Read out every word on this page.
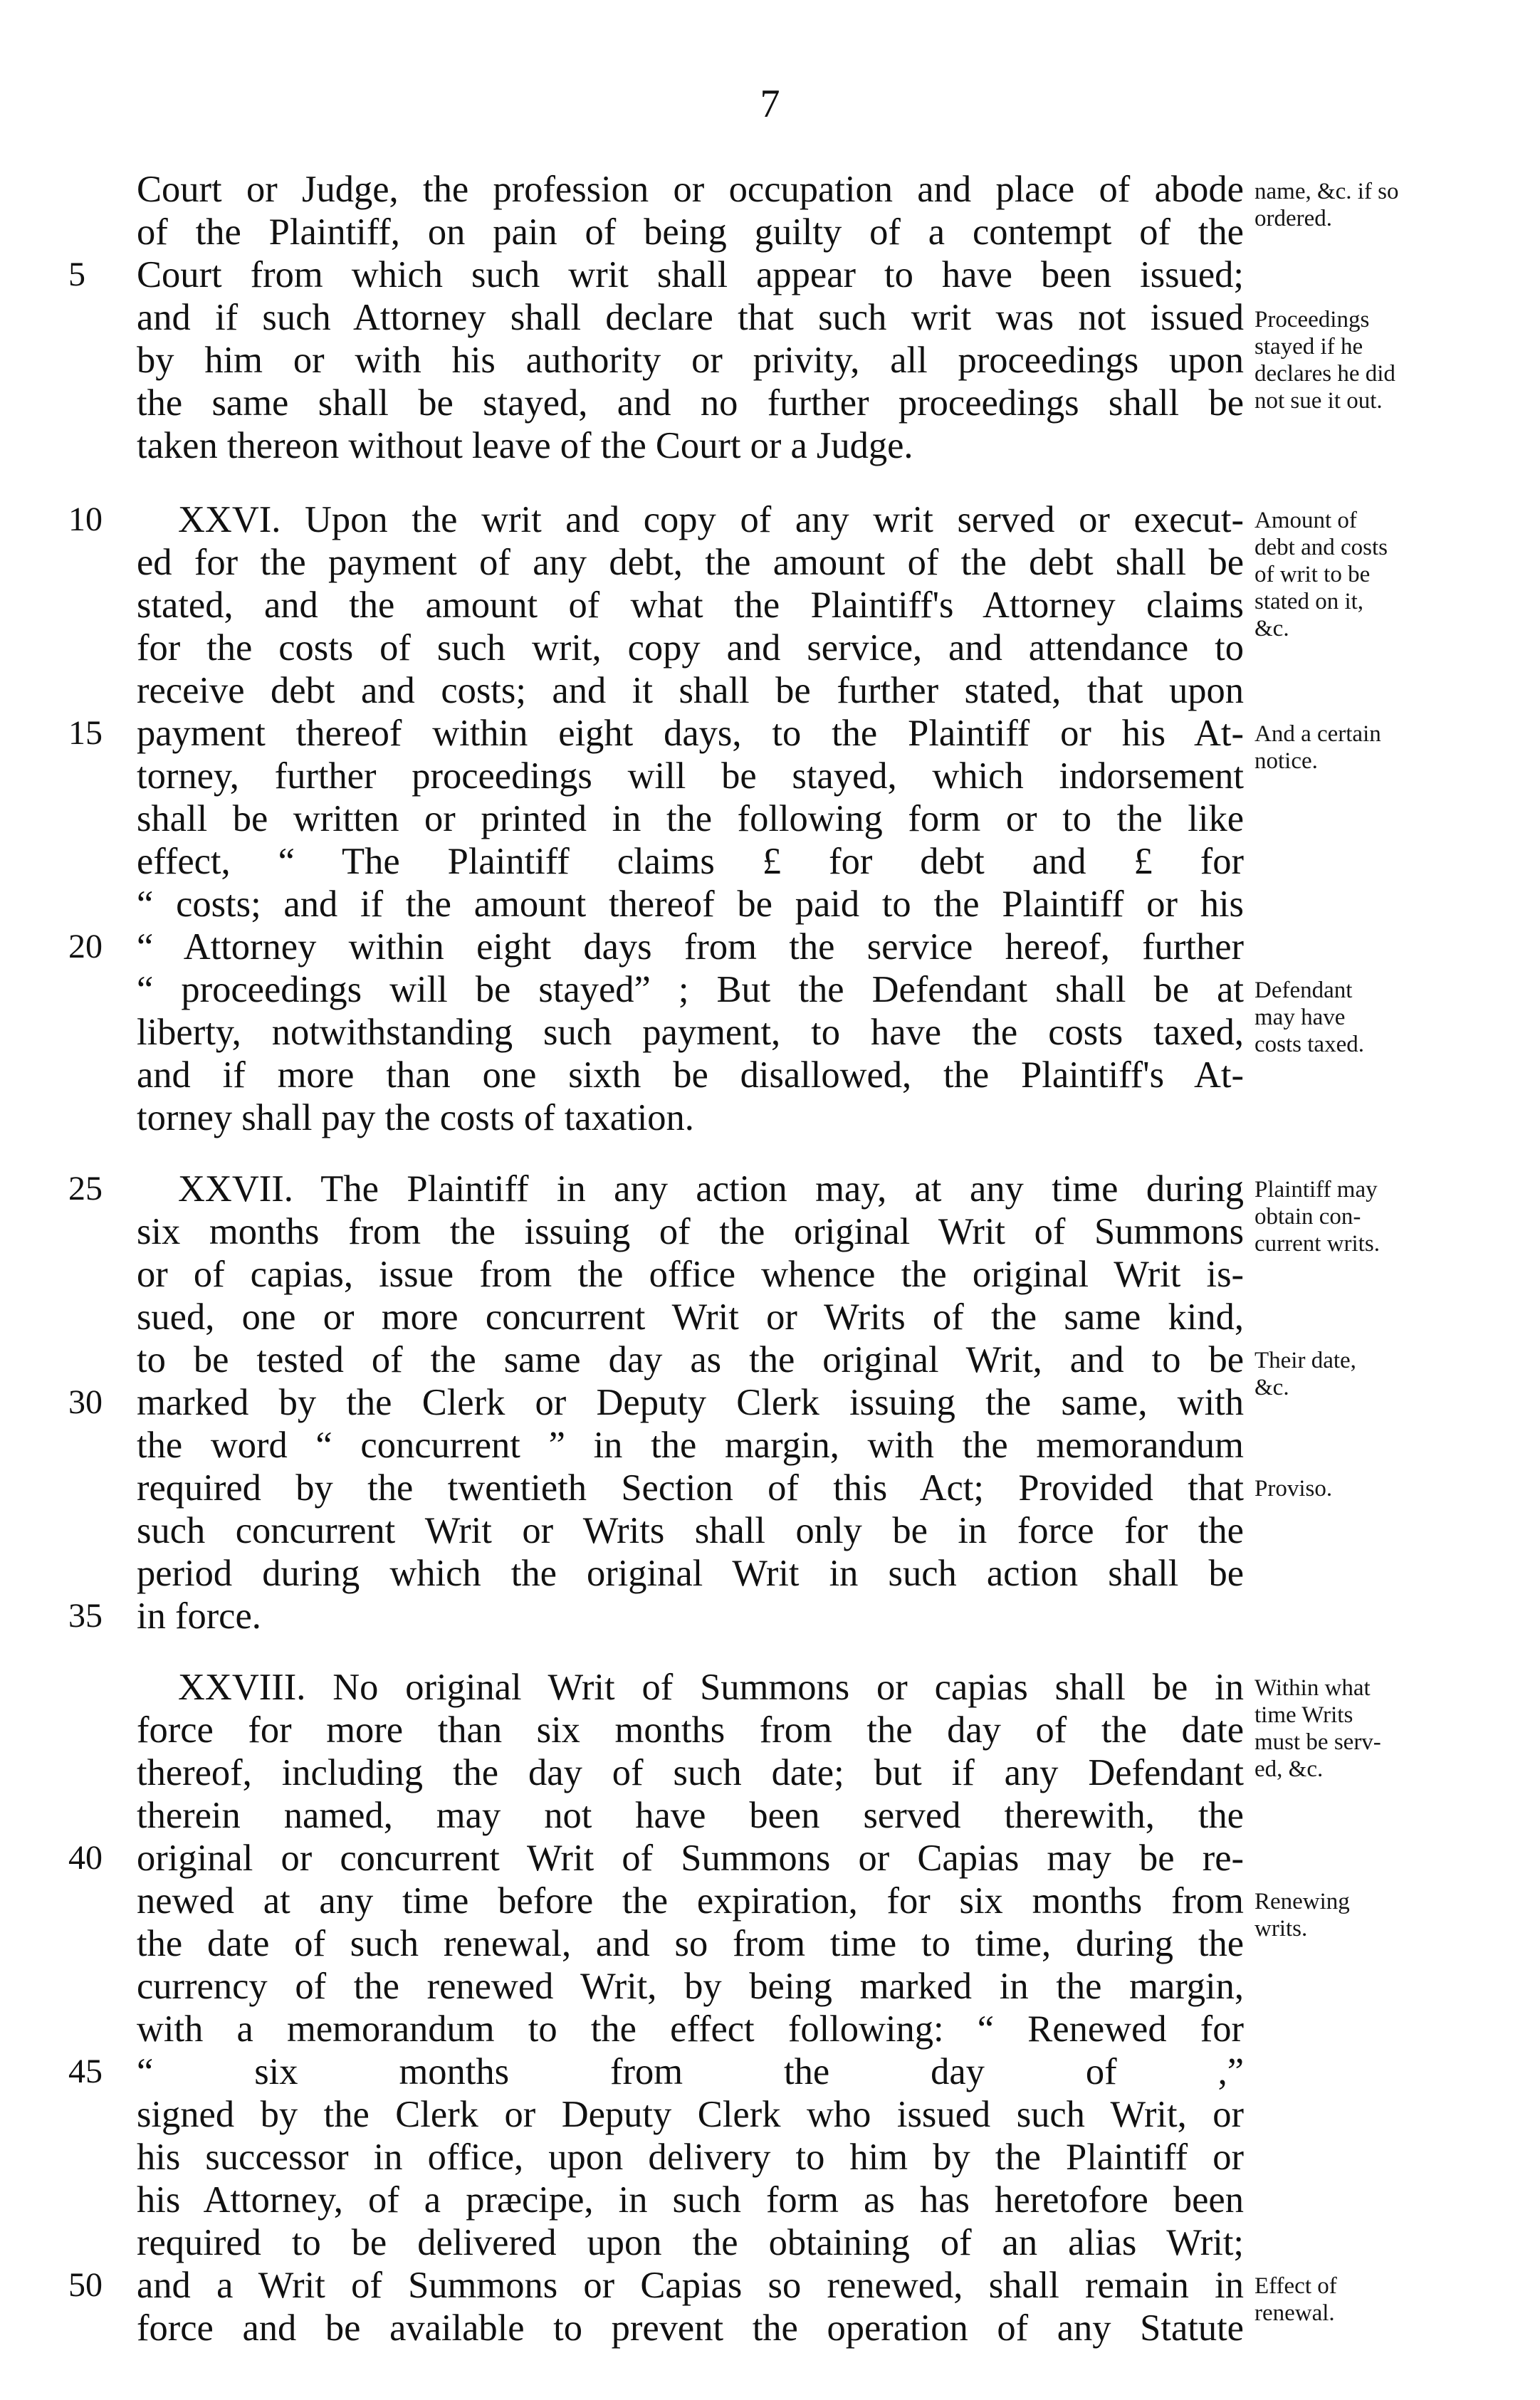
7
Court or Judge, the profession or occupation and place of abode
of the Plaintiff, on pain of being guilty of a contempt of the
Court from which such writ shall appear to have been issued;
and if such Attorney shall declare that such writ was not issued
by him or with his authority or privity, all proceedings upon
the same shall be stayed, and no further proceedings shall be
taken thereon without leave of the Court or a Judge.
XXVI. Upon the writ and copy of any writ served or execut-
ed for the payment of any debt, the amount of the debt shall be
stated, and the amount of what the Plaintiff's Attorney claims
for the costs of such writ, copy and service, and attendance to
receive debt and costs; and it shall be further stated, that upon
payment thereof within eight days, to the Plaintiff or his At-
torney, further proceedings will be stayed, which indorsement
shall be written or printed in the following form or to the like
effect, “ The Plaintiff claims £ for debt and £ for
“ costs; and if the amount thereof be paid to the Plaintiff or his
“ Attorney within eight days from the service hereof, further
“ proceedings will be stayed” ; But the Defendant shall be at
liberty, notwithstanding such payment, to have the costs taxed,
and if more than one sixth be disallowed, the Plaintiff's At-
torney shall pay the costs of taxation.
XXVII. The Plaintiff in any action may, at any time during
six months from the issuing of the original Writ of Summons
or of capias, issue from the office whence the original Writ is-
sued, one or more concurrent Writ or Writs of the same kind,
to be tested of the same day as the original Writ, and to be
marked by the Clerk or Deputy Clerk issuing the same, with
the word “ concurrent ” in the margin, with the memorandum
required by the twentieth Section of this Act; Provided that
such concurrent Writ or Writs shall only be in force for the
period during which the original Writ in such action shall be
in force.
XXVIII. No original Writ of Summons or capias shall be in
force for more than six months from the day of the date
thereof, including the day of such date; but if any Defendant
therein named, may not have been served therewith, the
original or concurrent Writ of Summons or Capias may be re-
newed at any time before the expiration, for six months from
the date of such renewal, and so from time to time, during the
currency of the renewed Writ, by being marked in the margin,
with a memorandum to the effect following: “ Renewed for
“ six months from the day of ,”
signed by the Clerk or Deputy Clerk who issued such Writ, or
his successor in office, upon delivery to him by the Plaintiff or
his Attorney, of a præcipe, in such form as has heretofore been
required to be delivered upon the obtaining of an alias Writ;
and a Writ of Summons or Capias so renewed, shall remain in
force and be available to prevent the operation of any Statute
5
10
15
20
25
30
35
40
45
50
name, &c. if so
ordered.
Proceedings
stayed if he
declares he did
not sue it out.
Amount of
debt and costs
of writ to be
stated on it,
&c.
And a certain
notice.
Defendant
may have
costs taxed.
Plaintiff may
obtain con-
current writs.
Their date,
&c.
Proviso.
Within what
time Writs
must be serv-
ed, &c.
Renewing
writs.
Effect of
renewal.
